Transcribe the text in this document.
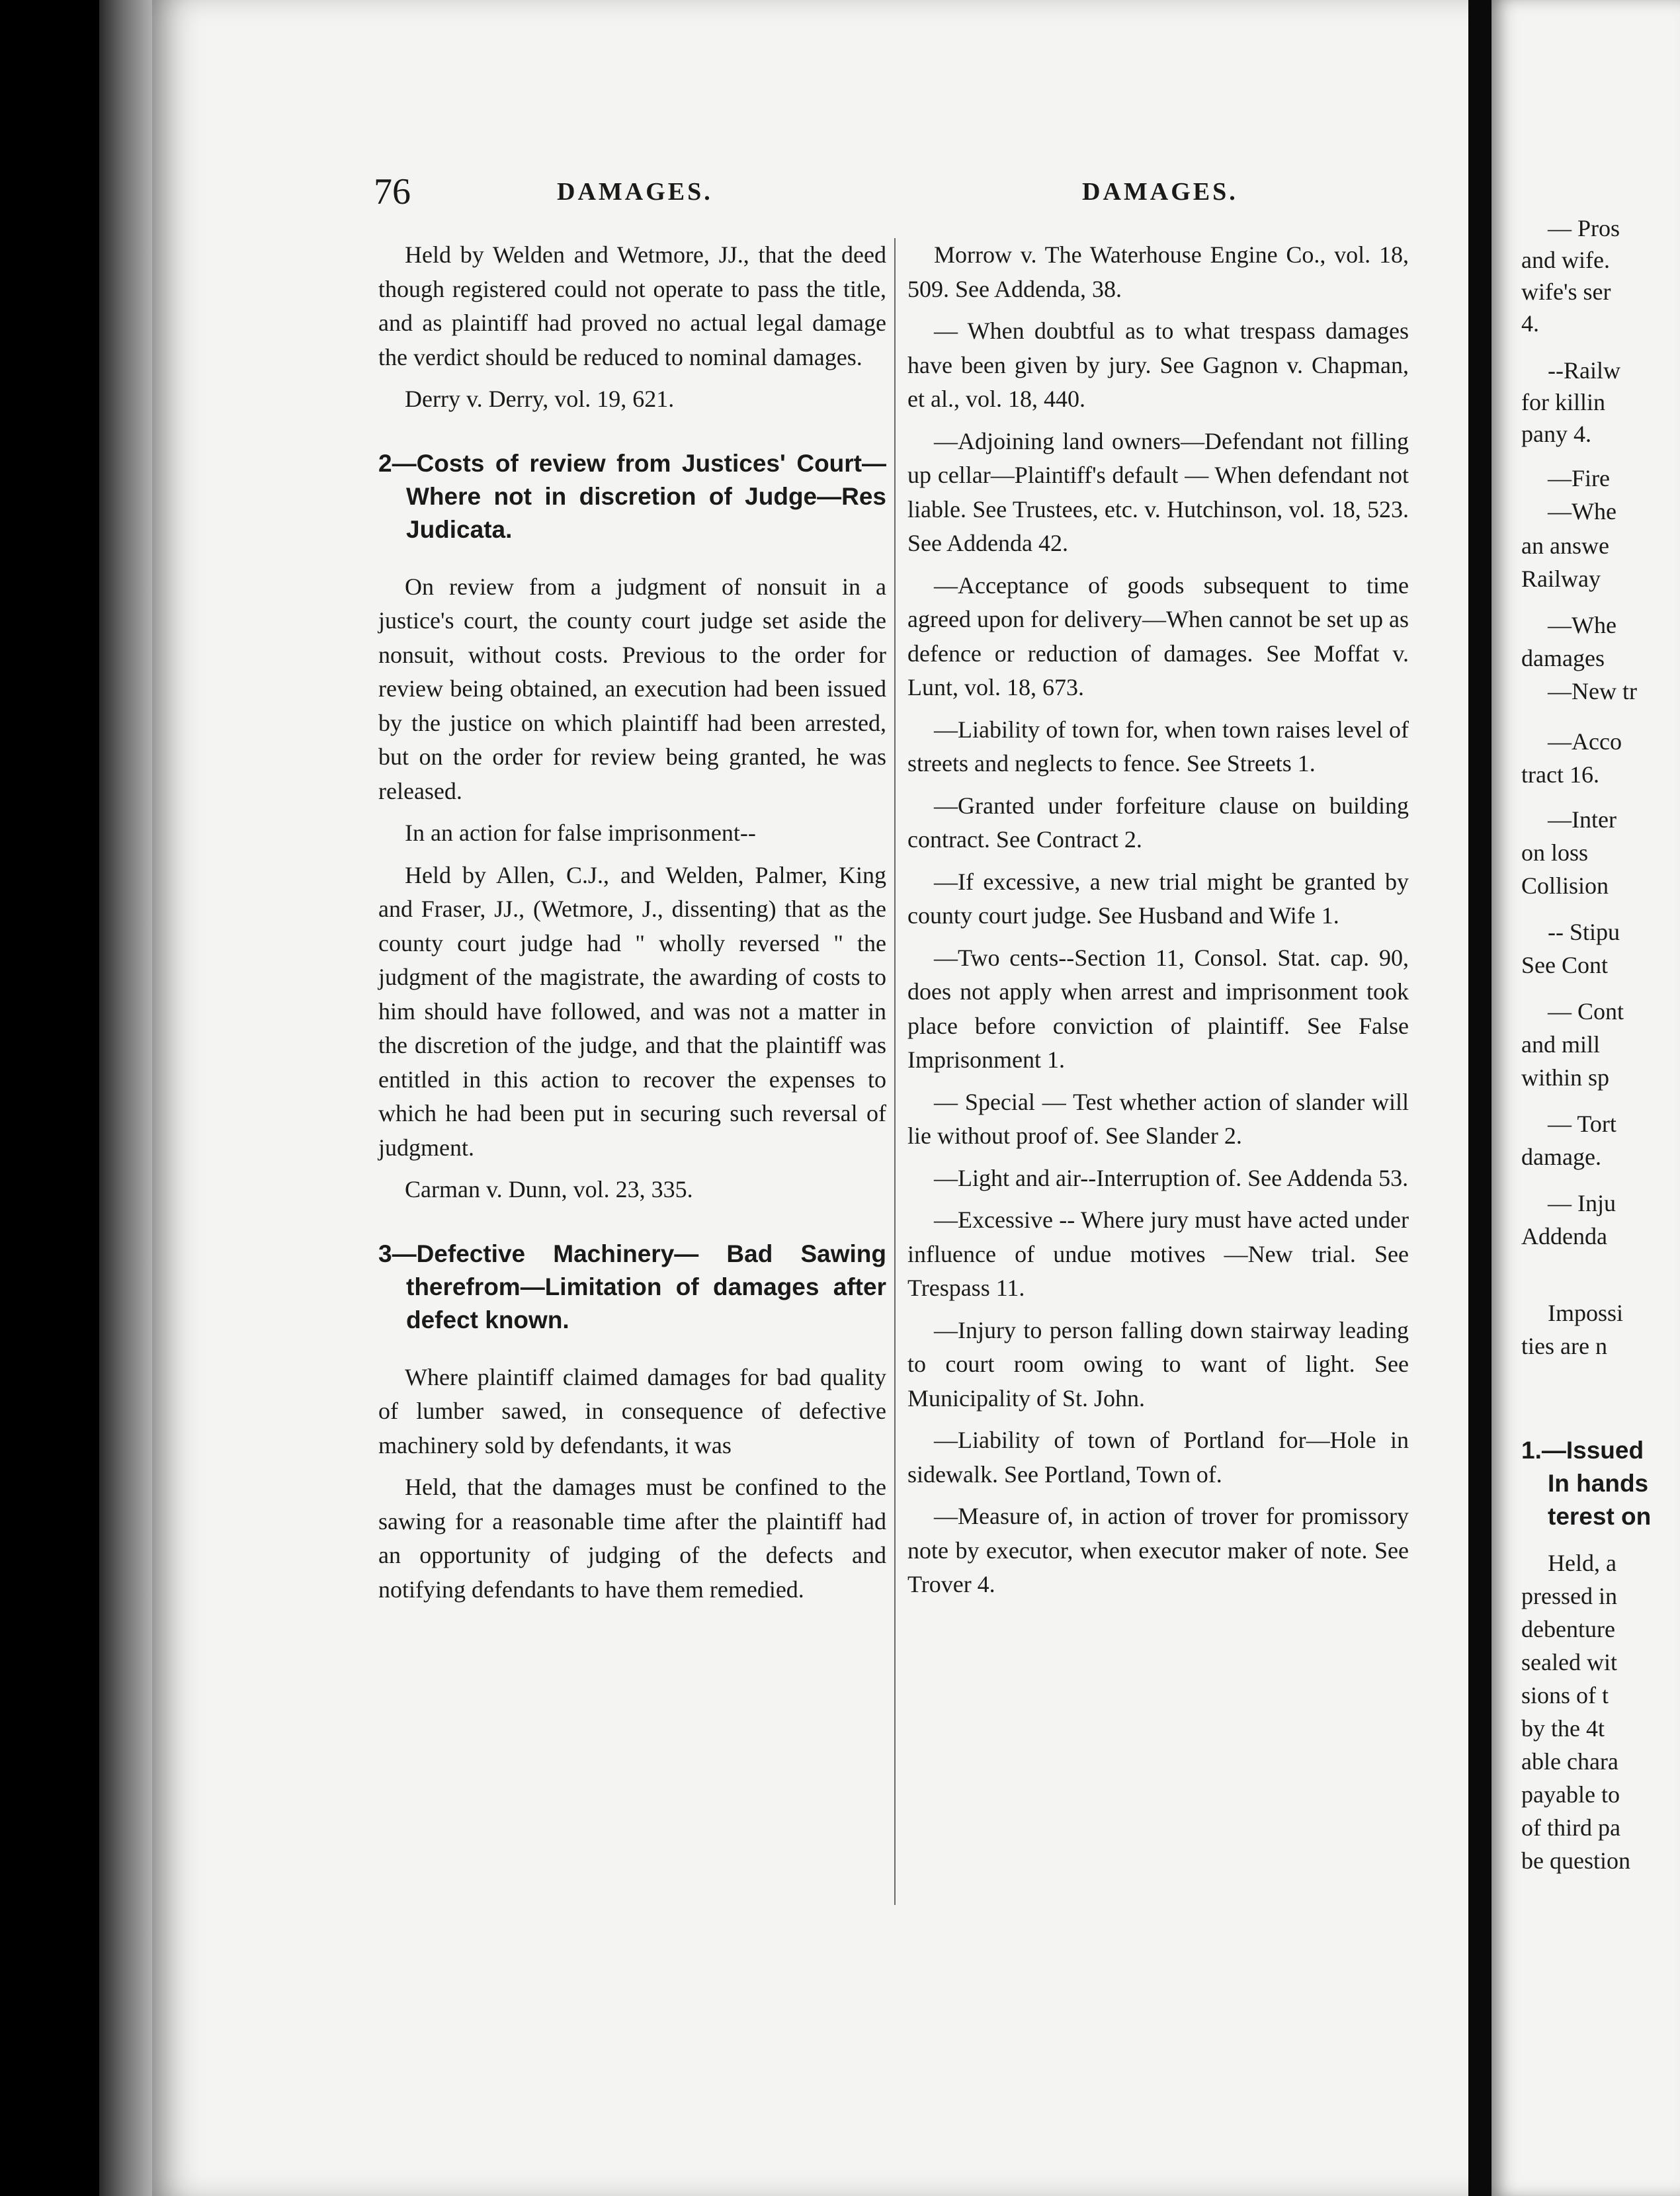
76	DAMAGES.	DAMAGES.

Held by Welden and Wetmore, JJ., that the deed though registered could not operate to pass the title, and as plaintiff had proved no actual legal damage the verdict should be reduced to nominal damages.

Derry v. Derry, vol. 19, 621.

2—Costs of review from Justices' Court—Where not in discretion of Judge—Res Judicata.

On review from a judgment of nonsuit in a justice's court, the county court judge set aside the nonsuit, without costs. Previous to the order for review being obtained, an execution had been issued by the justice on which plaintiff had been arrested, but on the order for review being granted, he was released.

In an action for false imprisonment--

Held by Allen, C.J., and Welden, Palmer, King and Fraser, JJ., (Wetmore, J., dissenting) that as the county court judge had " wholly reversed " the judgment of the magistrate, the awarding of costs to him should have followed, and was not a matter in the discretion of the judge, and that the plaintiff was entitled in this action to recover the expenses to which he had been put in securing such reversal of judgment.

Carman v. Dunn, vol. 23, 335.

3—Defective Machinery— Bad Sawing therefrom—Limitation of damages after defect known.

Where plaintiff claimed damages for bad quality of lumber sawed, in consequence of defective machinery sold by defendants, it was

Held, that the damages must be confined to the sawing for a reasonable time after the plaintiff had an opportunity of judging of the defects and notifying defendants to have them remedied.

Morrow v. The Waterhouse Engine Co., vol. 18, 509. See Addenda, 38.

— When doubtful as to what trespass damages have been given by jury. See Gagnon v. Chapman, et al., vol. 18, 440.

—Adjoining land owners—Defendant not filling up cellar—Plaintiff's default — When defendant not liable. See Trustees, etc. v. Hutchinson, vol. 18, 523. See Addenda 42.

—Acceptance of goods subsequent to time agreed upon for delivery—When cannot be set up as defence or reduction of damages. See Moffat v. Lunt, vol. 18, 673.

—Liability of town for, when town raises level of streets and neglects to fence. See Streets 1.

—Granted under forfeiture clause on building contract. See Contract 2.

—If excessive, a new trial might be granted by county court judge. See Husband and Wife 1.

—Two cents--Section 11, Consol. Stat. cap. 90, does not apply when arrest and imprisonment took place before conviction of plaintiff. See False Imprisonment 1.

— Special — Test whether action of slander will lie without proof of. See Slander 2.

—Light and air--Interruption of. See Addenda 53.

—Excessive -- Where jury must have acted under influence of undue motives —New trial. See Trespass 11.

—Injury to person falling down stairway leading to court room owing to want of light. See Municipality of St. John.

—Liability of town of Portland for—Hole in sidewalk. See Portland, Town of.

—Measure of, in action of trover for promissory note by executor, when executor maker of note. See Trover 4.

— Pros

and wife.

wife's ser

4.

--Railw

for killin

pany 4.

—Fire

—Whe

an answe

Railway

—Whe

damages

—New tr

—Acco

tract 16.

—Inter

on loss

Collision

-- Stipu

See Cont

— Cont

and mill

within sp

— Tort

damage.

— Inju

Addenda

Impossi

ties are n

1.—Issued

In hands

terest on

Held, a

pressed in

debenture

sealed wit

sions of t

by the 4t

able chara

payable to

of third pa

be question
